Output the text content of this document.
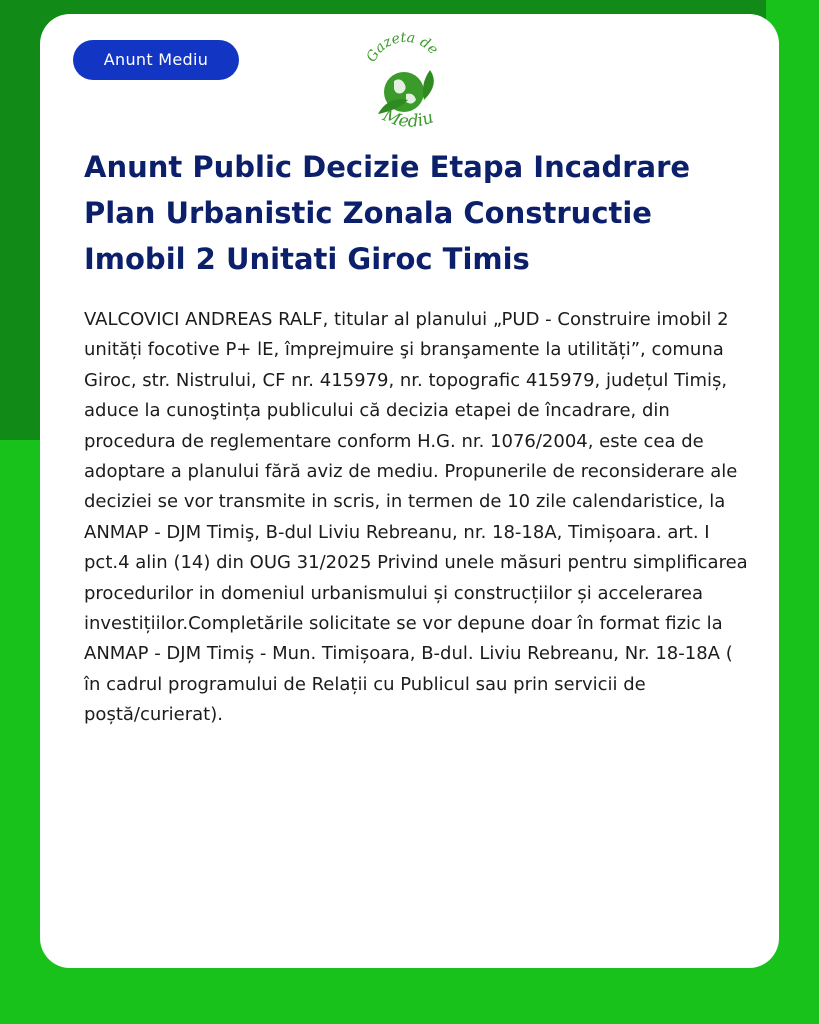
Anunt Mediu	Gazeta de
Mediu
Anunt Public Decizie Etapa Incadrare Plan Urbanistic Zonala Constructie Imobil 2 Unitati Giroc Timis

VALCOVICI ANDREAS RALF, titular al planului „PUD - Construire imobil 2 unități focotive P+ lE, împrejmuire şi branşamente la utilități”, comuna Giroc, str. Nistrului, CF nr. 415979, nr. topografic 415979, județul Timiș, aduce la cunoştința publicului că decizia etapei de încadrare, din procedura de reglementare conform H.G. nr. 1076/2004, este cea de adoptare a planului fără aviz de mediu. Propunerile de reconsiderare ale deciziei se vor transmite in scris, in termen de 10 zile calendaristice, la ANMAP - DJM Timiş, B-dul Liviu Rebreanu, nr. 18-18A, Timișoara. art. I pct.4 alin (14) din OUG 31/2025 Privind unele măsuri pentru simplificarea procedurilor in domeniul urbanismului și construcțiilor și accelerarea investițiilor.Completările solicitate se vor depune doar în format fizic la ANMAP - DJM Timiș - Mun. Timișoara, B-dul. Liviu Rebreanu, Nr. 18-18A ( în cadrul programului de Relații cu Publicul sau prin servicii de poștă/curierat).
